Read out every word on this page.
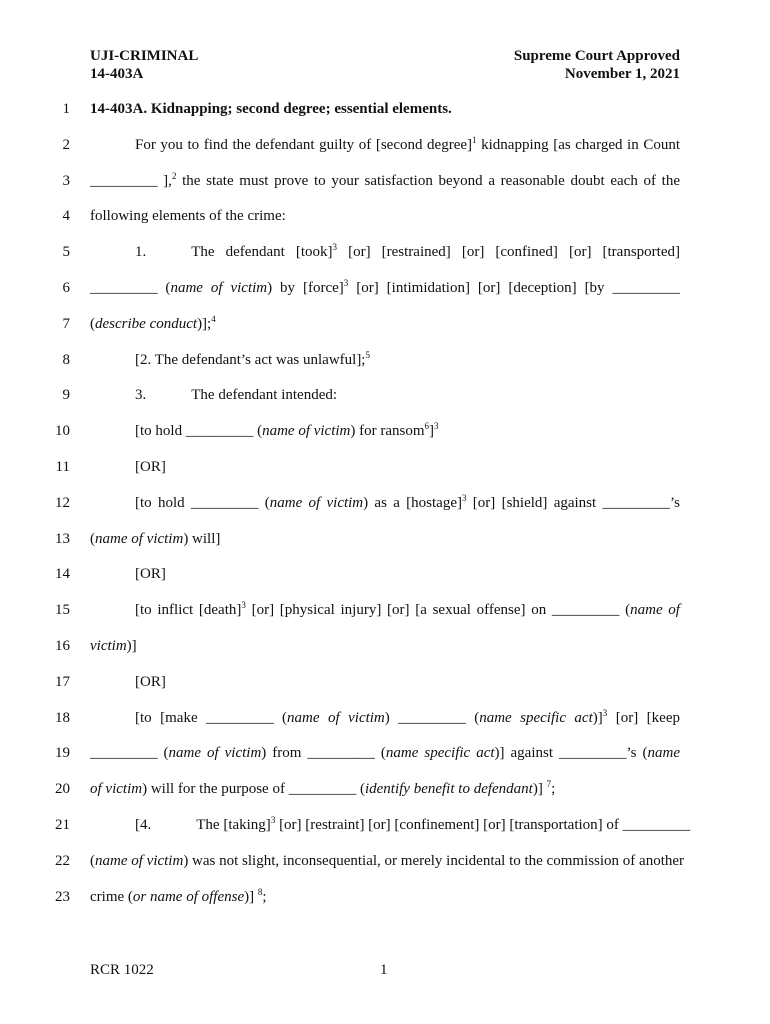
UJI-CRIMINAL
14-403A
Supreme Court Approved
November 1, 2021
1 14-403A. Kidnapping; second degree; essential elements.
2	For you to find the defendant guilty of [second degree]$^1$ kidnapping [as charged in Count
3 _________ ],$^2$ the state must prove to your satisfaction beyond a reasonable doubt each of the
4 following elements of the crime:
5	1.	The defendant [took]$^3$ [or] [restrained] [or] [confined] [or] [transported]
6 _________ (name of victim) by [force]$^3$ [or] [intimidation] [or] [deception] [by _________
7 (describe conduct)];$^4$
8	[2. The defendant’s act was unlawful];$^5$
9	3.	The defendant intended:
10	[to hold _________ (name of victim) for ransom$^6$]$^3$
11	[OR]
12	[to hold _________ (name of victim) as a [hostage]$^3$ [or] [shield] against _________’s
13 (name of victim) will]
14	[OR]
15	[to inflict [death]$^3$ [or] [physical injury] [or] [a sexual offense] on _________ (name of
16 victim)]
17	[OR]
18	[to [make _________ (name of victim) _________ (name specific act)]$^3$ [or] [keep
19 _________ (name of victim) from _________ (name specific act)] against _________’s (name
20 of victim) will for the purpose of _________ (identify benefit to defendant)] $^7$;
21	[4.	The [taking]$^3$ [or] [restraint] [or] [confinement] [or] [transportation] of _________
22 (name of victim) was not slight, inconsequential, or merely incidental to the commission of another
23 crime (or name of offense)] $^8$;
RCR 1022	1
